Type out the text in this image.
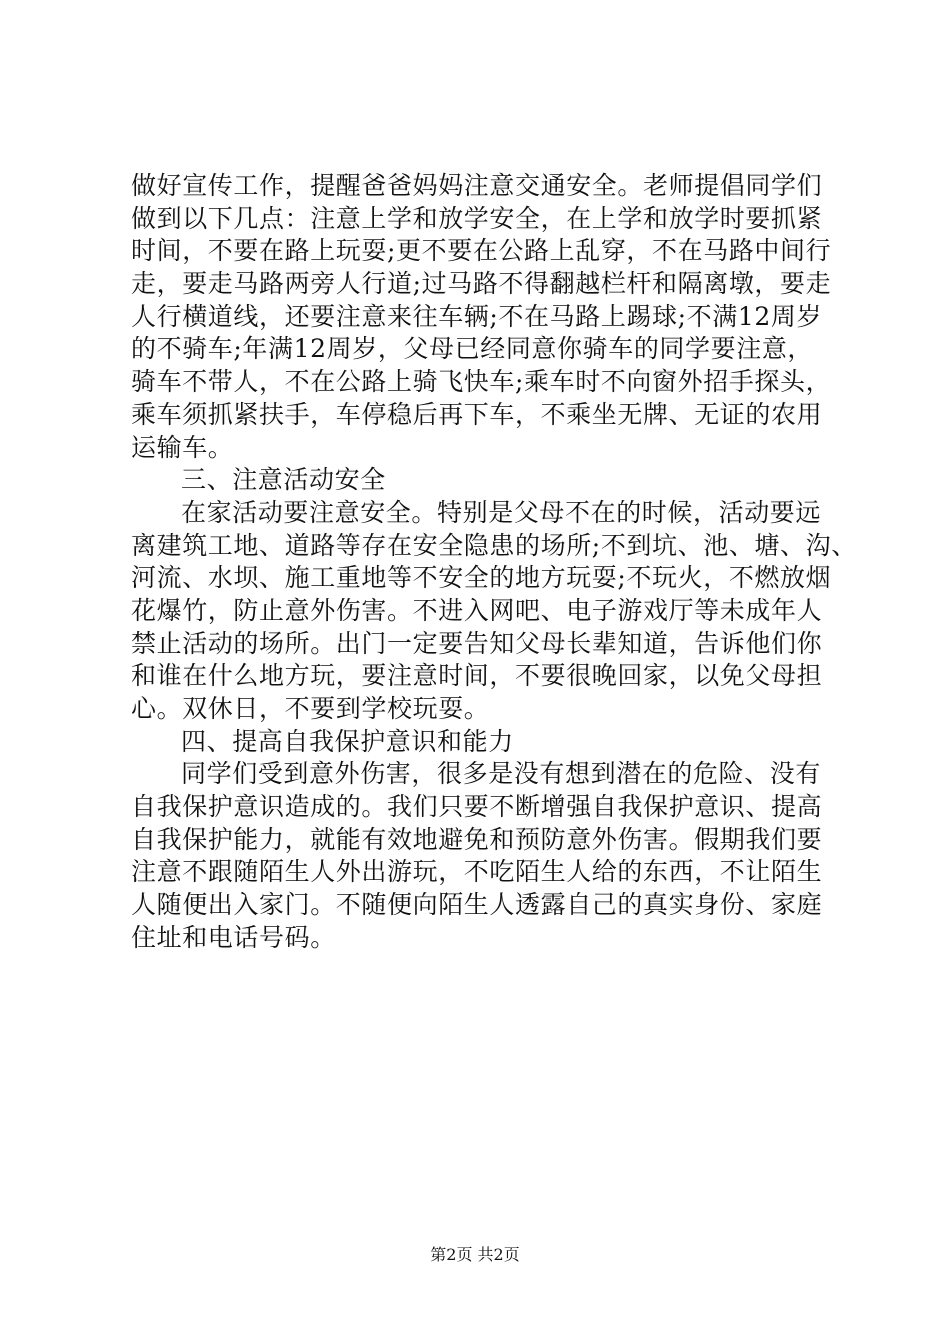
做好宣传工作，提醒爸爸妈妈注意交通安全。老师提倡同学们
做到以下几点：注意上学和放学安全，在上学和放学时要抓紧
时间，不要在路上玩耍;更不要在公路上乱穿，不在马路中间行
走，要走马路两旁人行道;过马路不得翻越栏杆和隔离墩，要走
人行横道线，还要注意来往车辆;不在马路上踢球;不满12周岁
的不骑车;年满12周岁，父母已经同意你骑车的同学要注意，
骑车不带人，不在公路上骑飞快车;乘车时不向窗外招手探头，
乘车须抓紧扶手，车停稳后再下车，不乘坐无牌、无证的农用
运输车。
三、注意活动安全
在家活动要注意安全。特别是父母不在的时候，活动要远
离建筑工地、道路等存在安全隐患的场所;不到坑、池、塘、沟、
河流、水坝、施工重地等不安全的地方玩耍;不玩火，不燃放烟
花爆竹，防止意外伤害。不进入网吧、电子游戏厅等未成年人
禁止活动的场所。出门一定要告知父母长辈知道，告诉他们你
和谁在什么地方玩，要注意时间，不要很晚回家，以免父母担
心。双休日，不要到学校玩耍。
四、提高自我保护意识和能力
同学们受到意外伤害，很多是没有想到潜在的危险、没有
自我保护意识造成的。我们只要不断增强自我保护意识、提高
自我保护能力，就能有效地避免和预防意外伤害。假期我们要
注意不跟随陌生人外出游玩，不吃陌生人给的东西，不让陌生
人随便出入家门。不随便向陌生人透露自己的真实身份、家庭
住址和电话号码。
第2页 共2页
